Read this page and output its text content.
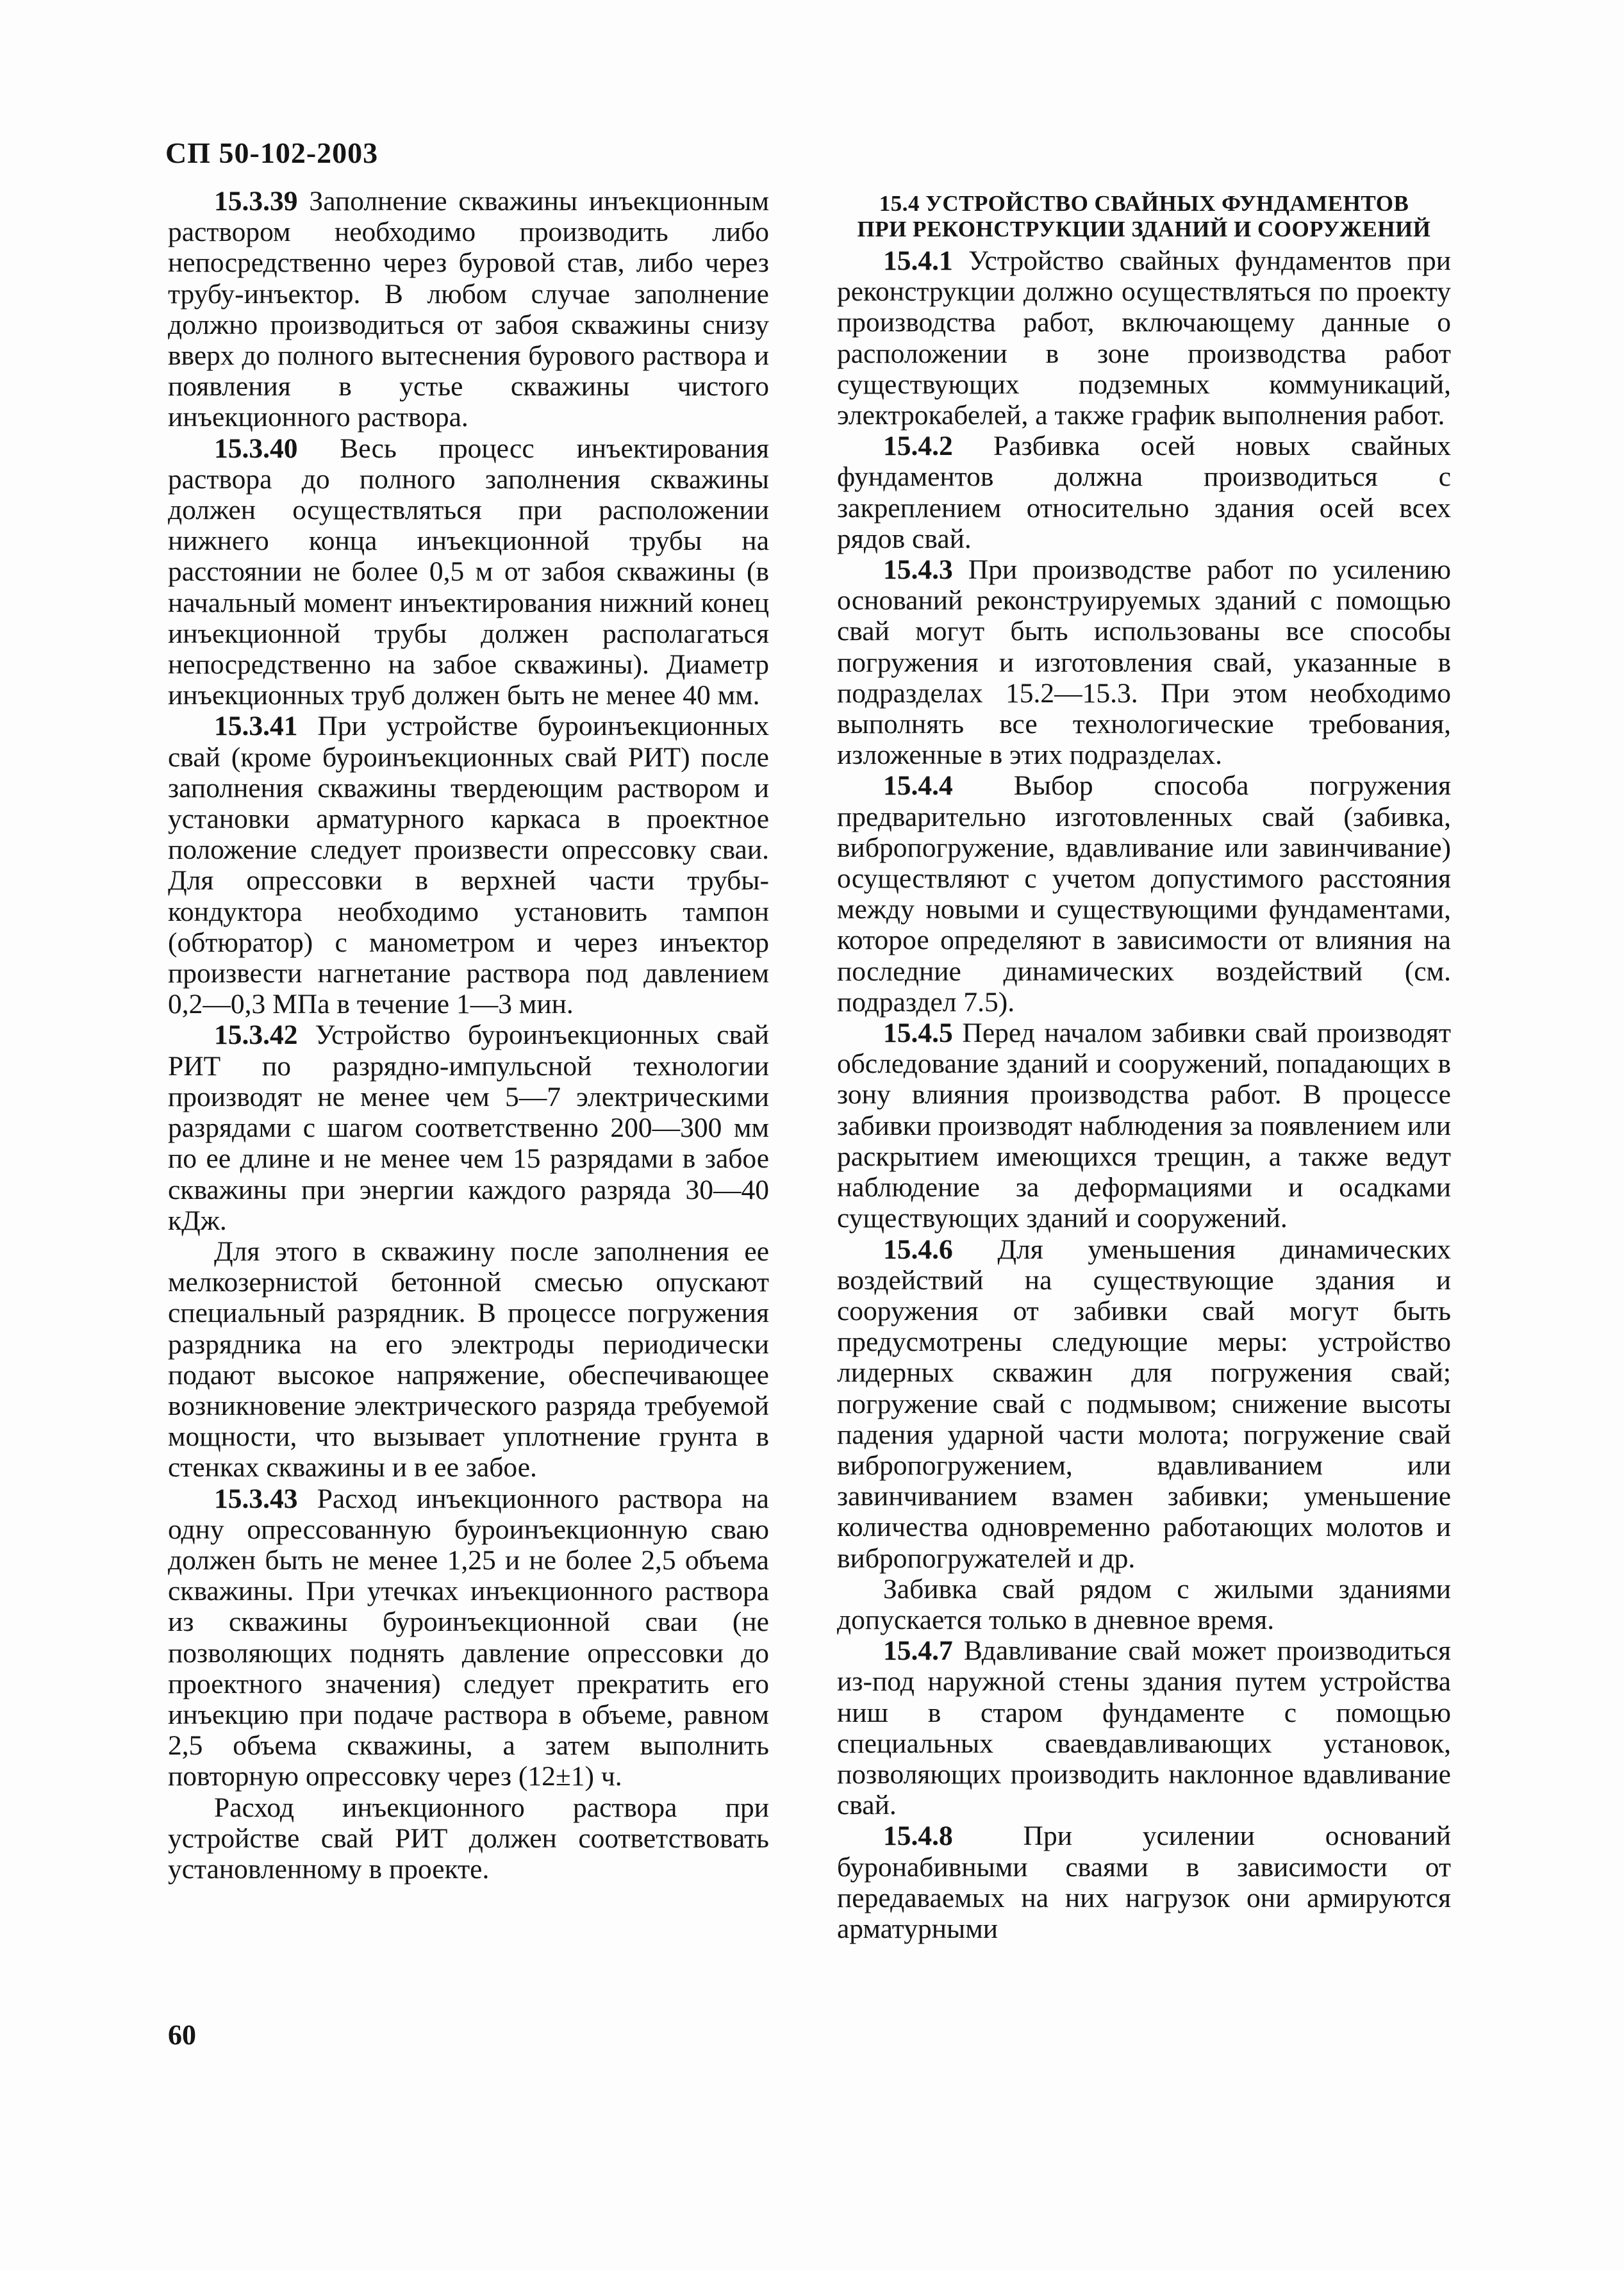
СП 50-102-2003

15.3.39 Заполнение скважины инъекционным раствором необходимо производить либо непосредственно через буровой став, либо через трубу-инъектор. В любом случае заполнение должно производиться от забоя скважины снизу вверх до полного вытеснения бурового раствора и появления в устье скважины чистого инъекционного раствора.

15.3.40 Весь процесс инъектирования раствора до полного заполнения скважины должен осуществляться при расположении нижнего конца инъекционной трубы на расстоянии не более 0,5 м от забоя скважины (в начальный момент инъектирования нижний конец инъекционной трубы должен располагаться непосредственно на забое скважины). Диаметр инъекционных труб должен быть не менее 40 мм.

15.3.41 При устройстве буроинъекционных свай (кроме буроинъекционных свай РИТ) после заполнения скважины твердеющим раствором и установки арматурного каркаса в проектное положение следует произвести опрессовку сваи. Для опрессовки в верхней части трубы-кондуктора необходимо установить тампон (обтюратор) с манометром и через инъектор произвести нагнетание раствора под давлением 0,2—0,3 МПа в течение 1—3 мин.

15.3.42 Устройство буроинъекционных свай РИТ по разрядно-импульсной технологии производят не менее чем 5—7 электрическими разрядами с шагом соответственно 200—300 мм по ее длине и не менее чем 15 разрядами в забое скважины при энергии каждого разряда 30—40 кДж.

Для этого в скважину после заполнения ее мелкозернистой бетонной смесью опускают специальный разрядник. В процессе погружения разрядника на его электроды периодически подают высокое напряжение, обеспечивающее возникновение электрического разряда требуемой мощности, что вызывает уплотнение грунта в стенках скважины и в ее забое.

15.3.43 Расход инъекционного раствора на одну опрессованную буроинъекционную сваю должен быть не менее 1,25 и не более 2,5 объема скважины. При утечках инъекционного раствора из скважины буроинъекционной сваи (не позволяющих поднять давление опрессовки до проектного значения) следует прекратить его инъекцию при подаче раствора в объеме, равном 2,5 объема скважины, а затем выполнить повторную опрессовку через (12±1) ч.

Расход инъекционного раствора при устройстве свай РИТ должен соответствовать установленному в проекте.

15.4 УСТРОЙСТВО СВАЙНЫХ ФУНДАМЕНТОВ
ПРИ РЕКОНСТРУКЦИИ ЗДАНИЙ И СООРУЖЕНИЙ

15.4.1 Устройство свайных фундаментов при реконструкции должно осуществляться по проекту производства работ, включающему данные о расположении в зоне производства работ существующих подземных коммуникаций, электрокабелей, а также график выполнения работ.

15.4.2 Разбивка осей новых свайных фундаментов должна производиться с закреплением относительно здания осей всех рядов свай.

15.4.3 При производстве работ по усилению оснований реконструируемых зданий с помощью свай могут быть использованы все способы погружения и изготовления свай, указанные в подразделах 15.2—15.3. При этом необходимо выполнять все технологические требования, изложенные в этих подразделах.

15.4.4 Выбор способа погружения предварительно изготовленных свай (забивка, вибропогружение, вдавливание или завинчивание) осуществляют с учетом допустимого расстояния между новыми и существующими фундаментами, которое определяют в зависимости от влияния на последние динамических воздействий (см. подраздел 7.5).

15.4.5 Перед началом забивки свай производят обследование зданий и сооружений, попадающих в зону влияния производства работ. В процессе забивки производят наблюдения за появлением или раскрытием имеющихся трещин, а также ведут наблюдение за деформациями и осадками существующих зданий и сооружений.

15.4.6 Для уменьшения динамических воздействий на существующие здания и сооружения от забивки свай могут быть предусмотрены следующие меры: устройство лидерных скважин для погружения свай; погружение свай с подмывом; снижение высоты падения ударной части молота; погружение свай вибропогружением, вдавливанием или завинчиванием взамен забивки; уменьшение количества одновременно работающих молотов и вибропогружателей и др.

Забивка свай рядом с жилыми зданиями допускается только в дневное время.

15.4.7 Вдавливание свай может производиться из-под наружной стены здания путем устройства ниш в старом фундаменте с помощью специальных сваевдавливающих установок, позволяющих производить наклонное вдавливание свай.

15.4.8 При усилении оснований буронабивными сваями в зависимости от передаваемых на них нагрузок они армируются арматурными

60
